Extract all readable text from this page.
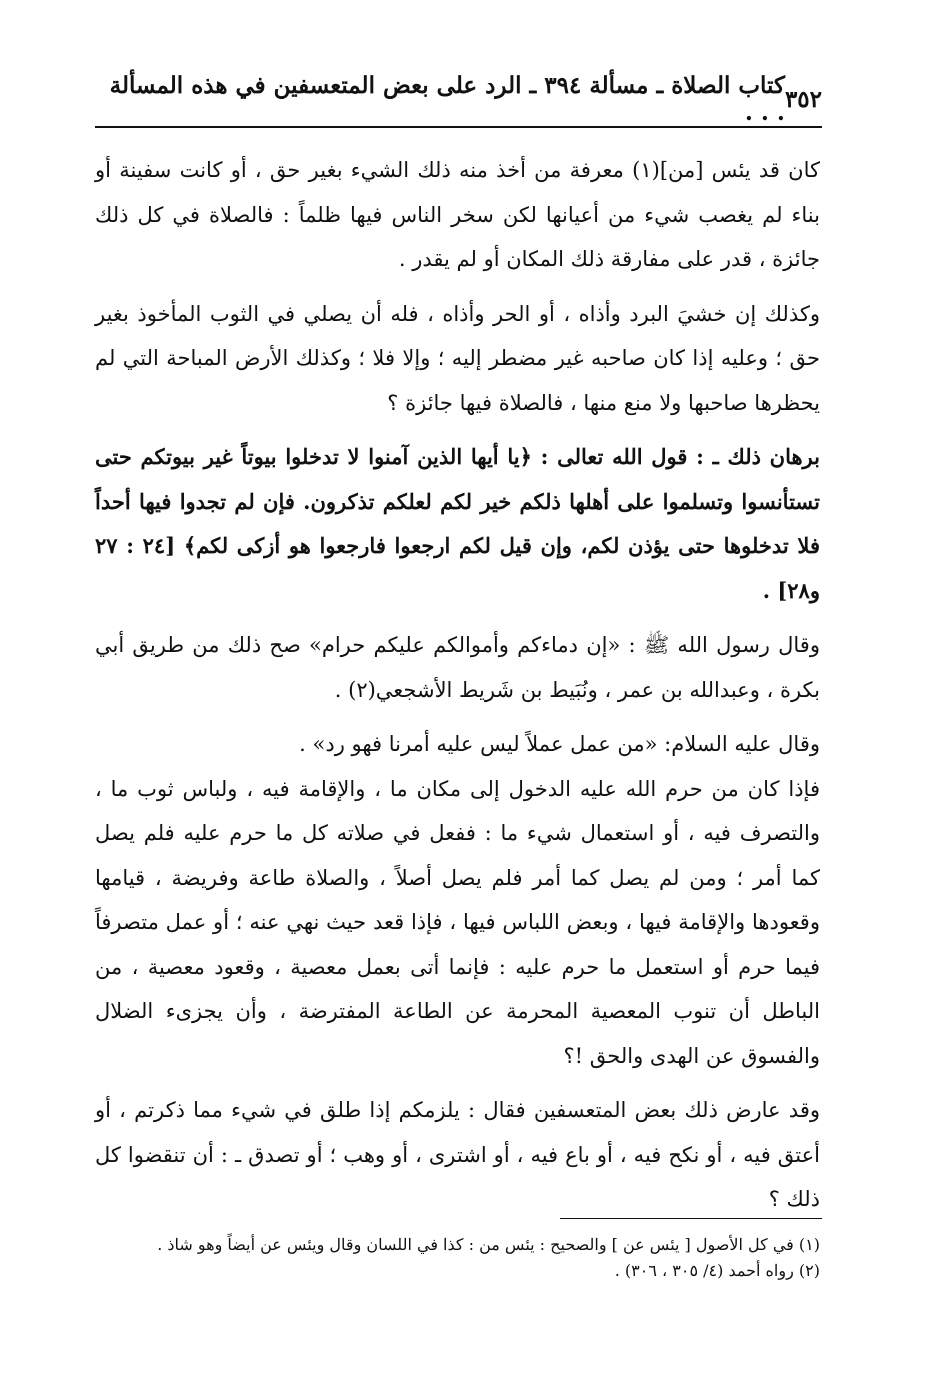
٣٥٢
كتاب الصلاة ـ مسألة ٣٩٤ ـ الرد على بعض المتعسفين في هذه المسألة . . .

كان قد يئس [من](١) معرفة من أخذ منه ذلك الشيء بغير حق ، أو كانت سفينة أو بناء لم يغصب شيء من أعيانها لكن سخر الناس فيها ظلماً : فالصلاة في كل ذلك جائزة ، قدر على مفارقة ذلك المكان أو لم يقدر .

وكذلك إن خشيَ البرد وأذاه ، أو الحر وأذاه ، فله أن يصلي في الثوب المأخوذ بغير حق ؛ وعليه إذا كان صاحبه غير مضطر إليه ؛ وإلا فلا ؛ وكذلك الأرض المباحة التي لم يحظرها صاحبها ولا منع منها ، فالصلاة فيها جائزة ؟

برهان ذلك ـ : قول الله تعالى : ﴿يا أيها الذين آمنوا لا تدخلوا بيوتاً غير بيوتكم حتى تستأنسوا وتسلموا على أهلها ذلكم خير لكم لعلكم تذكرون. فإن لم تجدوا فيها أحداً فلا تدخلوها حتى يؤذن لكم، وإن قيل لكم ارجعوا فارجعوا هو أزكى لكم﴾ [٢٤ : ٢٧ و٢٨] .

وقال رسول الله ﷺ : «إن دماءكم وأموالكم عليكم حرام» صح ذلك من طريق أبي بكرة ، وعبدالله بن عمر ، ونُبَيط بن شَريط الأشجعي(٢) .

وقال عليه السلام: «من عمل عملاً ليس عليه أمرنا فهو رد» .

فإذا كان من حرم الله عليه الدخول إلى مكان ما ، والإقامة فيه ، ولباس ثوب ما ، والتصرف فيه ، أو استعمال شيء ما : ففعل في صلاته كل ما حرم عليه فلم يصل كما أمر ؛ ومن لم يصل كما أمر فلم يصل أصلاً ، والصلاة طاعة وفريضة ، قيامها وقعودها والإقامة فيها ، وبعض اللباس فيها ، فإذا قعد حيث نهي عنه ؛ أو عمل متصرفاً فيما حرم أو استعمل ما حرم عليه : فإنما أتى بعمل معصية ، وقعود معصية ، من الباطل أن تنوب المعصية المحرمة عن الطاعة المفترضة ، وأن يجزىء الضلال والفسوق عن الهدى والحق !؟

وقد عارض ذلك بعض المتعسفين فقال : يلزمكم إذا طلق في شيء مما ذكرتم ، أو أعتق فيه ، أو نكح فيه ، أو باع فيه ، أو اشترى ، أو وهب ؛ أو تصدق ـ : أن تنقضوا كل ذلك ؟

(١) في كل الأصول [ يئس عن ] والصحيح : يئس من : كذا في اللسان وقال ويئس عن أيضاً وهو شاذ .

(٢) رواه أحمد (٤/ ٣٠٥ ، ٣٠٦) .
